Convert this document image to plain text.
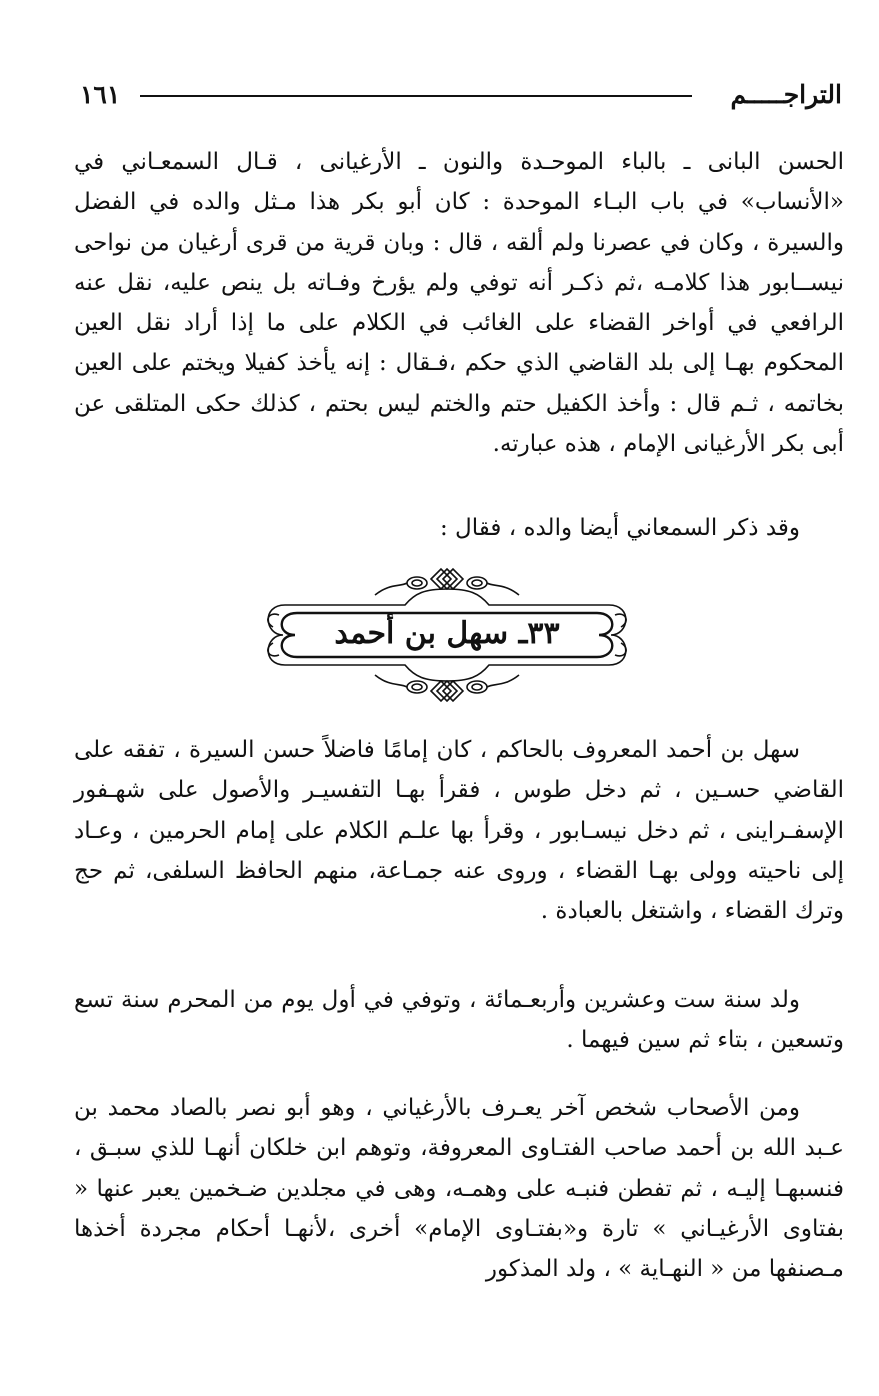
التراجـــــم
١٦١

الحسن البانى ـ بالباء الموحـدة والنون ـ الأرغيانى ، قـال السمعـاني في «الأنساب» في باب البـاء الموحدة : كان أبو بكر هذا مـثل والده في الفضل والسيرة ، وكان في عصرنا ولم ألقه ، قال : وبان قرية من قرى أرغيان من نواحى نيســابور هذا كلامـه ،ثم ذكـر أنه توفي ولم يؤرخ وفـاته بل ينص عليه، نقل عنه الرافعي في أواخر القضاء على الغائب في الكلام على ما إذا أراد نقل العين المحكوم بهـا إلى بلد القاضي الذي حكم ،فـقال : إنه يأخذ كفيلا ويختم على العين بخاتمه ، ثـم قال : وأخذ الكفيل حتم والختم ليس بحتم ، كذلك حكى المتلقى عن أبى بكر الأرغيانى الإمام ، هذه عبارته.

وقد ذكر السمعاني أيضا والده ، فقال :

٣٣ـ سهل بن أحمد

سهل بن أحمد المعروف بالحاكم ، كان إمامًا فاضلاً حسن السيرة ، تفقه على القاضي حسـين ، ثم دخل طوس ، فقرأ بهـا التفسيـر والأصول على شهـفور الإسفـراينى ، ثم دخل نيسـابور ، وقرأ بها علـم الكلام على إمام الحرمين ، وعـاد إلى ناحيته وولى بهـا القضاء ، وروى عنه جمـاعة، منهم الحافظ السلفى، ثم حج وترك القضاء ، واشتغل بالعبادة .

ولد سنة ست وعشرين وأربعـمائة ، وتوفي في أول يوم من المحرم سنة تسع وتسعين ، بتاء ثم سين فيهما .

ومن الأصحاب شخص آخر يعـرف بالأرغياني ، وهو أبو نصر بالصاد محمد بن عـبد الله بن أحمد صاحب الفتـاوى المعروفة، وتوهم ابن خلكان أنهـا للذي سبـق ، فنسبهـا إليـه ، ثم تفطن فنبـه على وهمـه، وهى في مجلدين ضـخمين يعبر عنها « بفتاوى الأرغيـاني » تارة و«بفتـاوى الإمام» أخرى ،لأنهـا أحكام مجردة أخذها مـصنفها من « النهـاية » ، ولد المذكور
